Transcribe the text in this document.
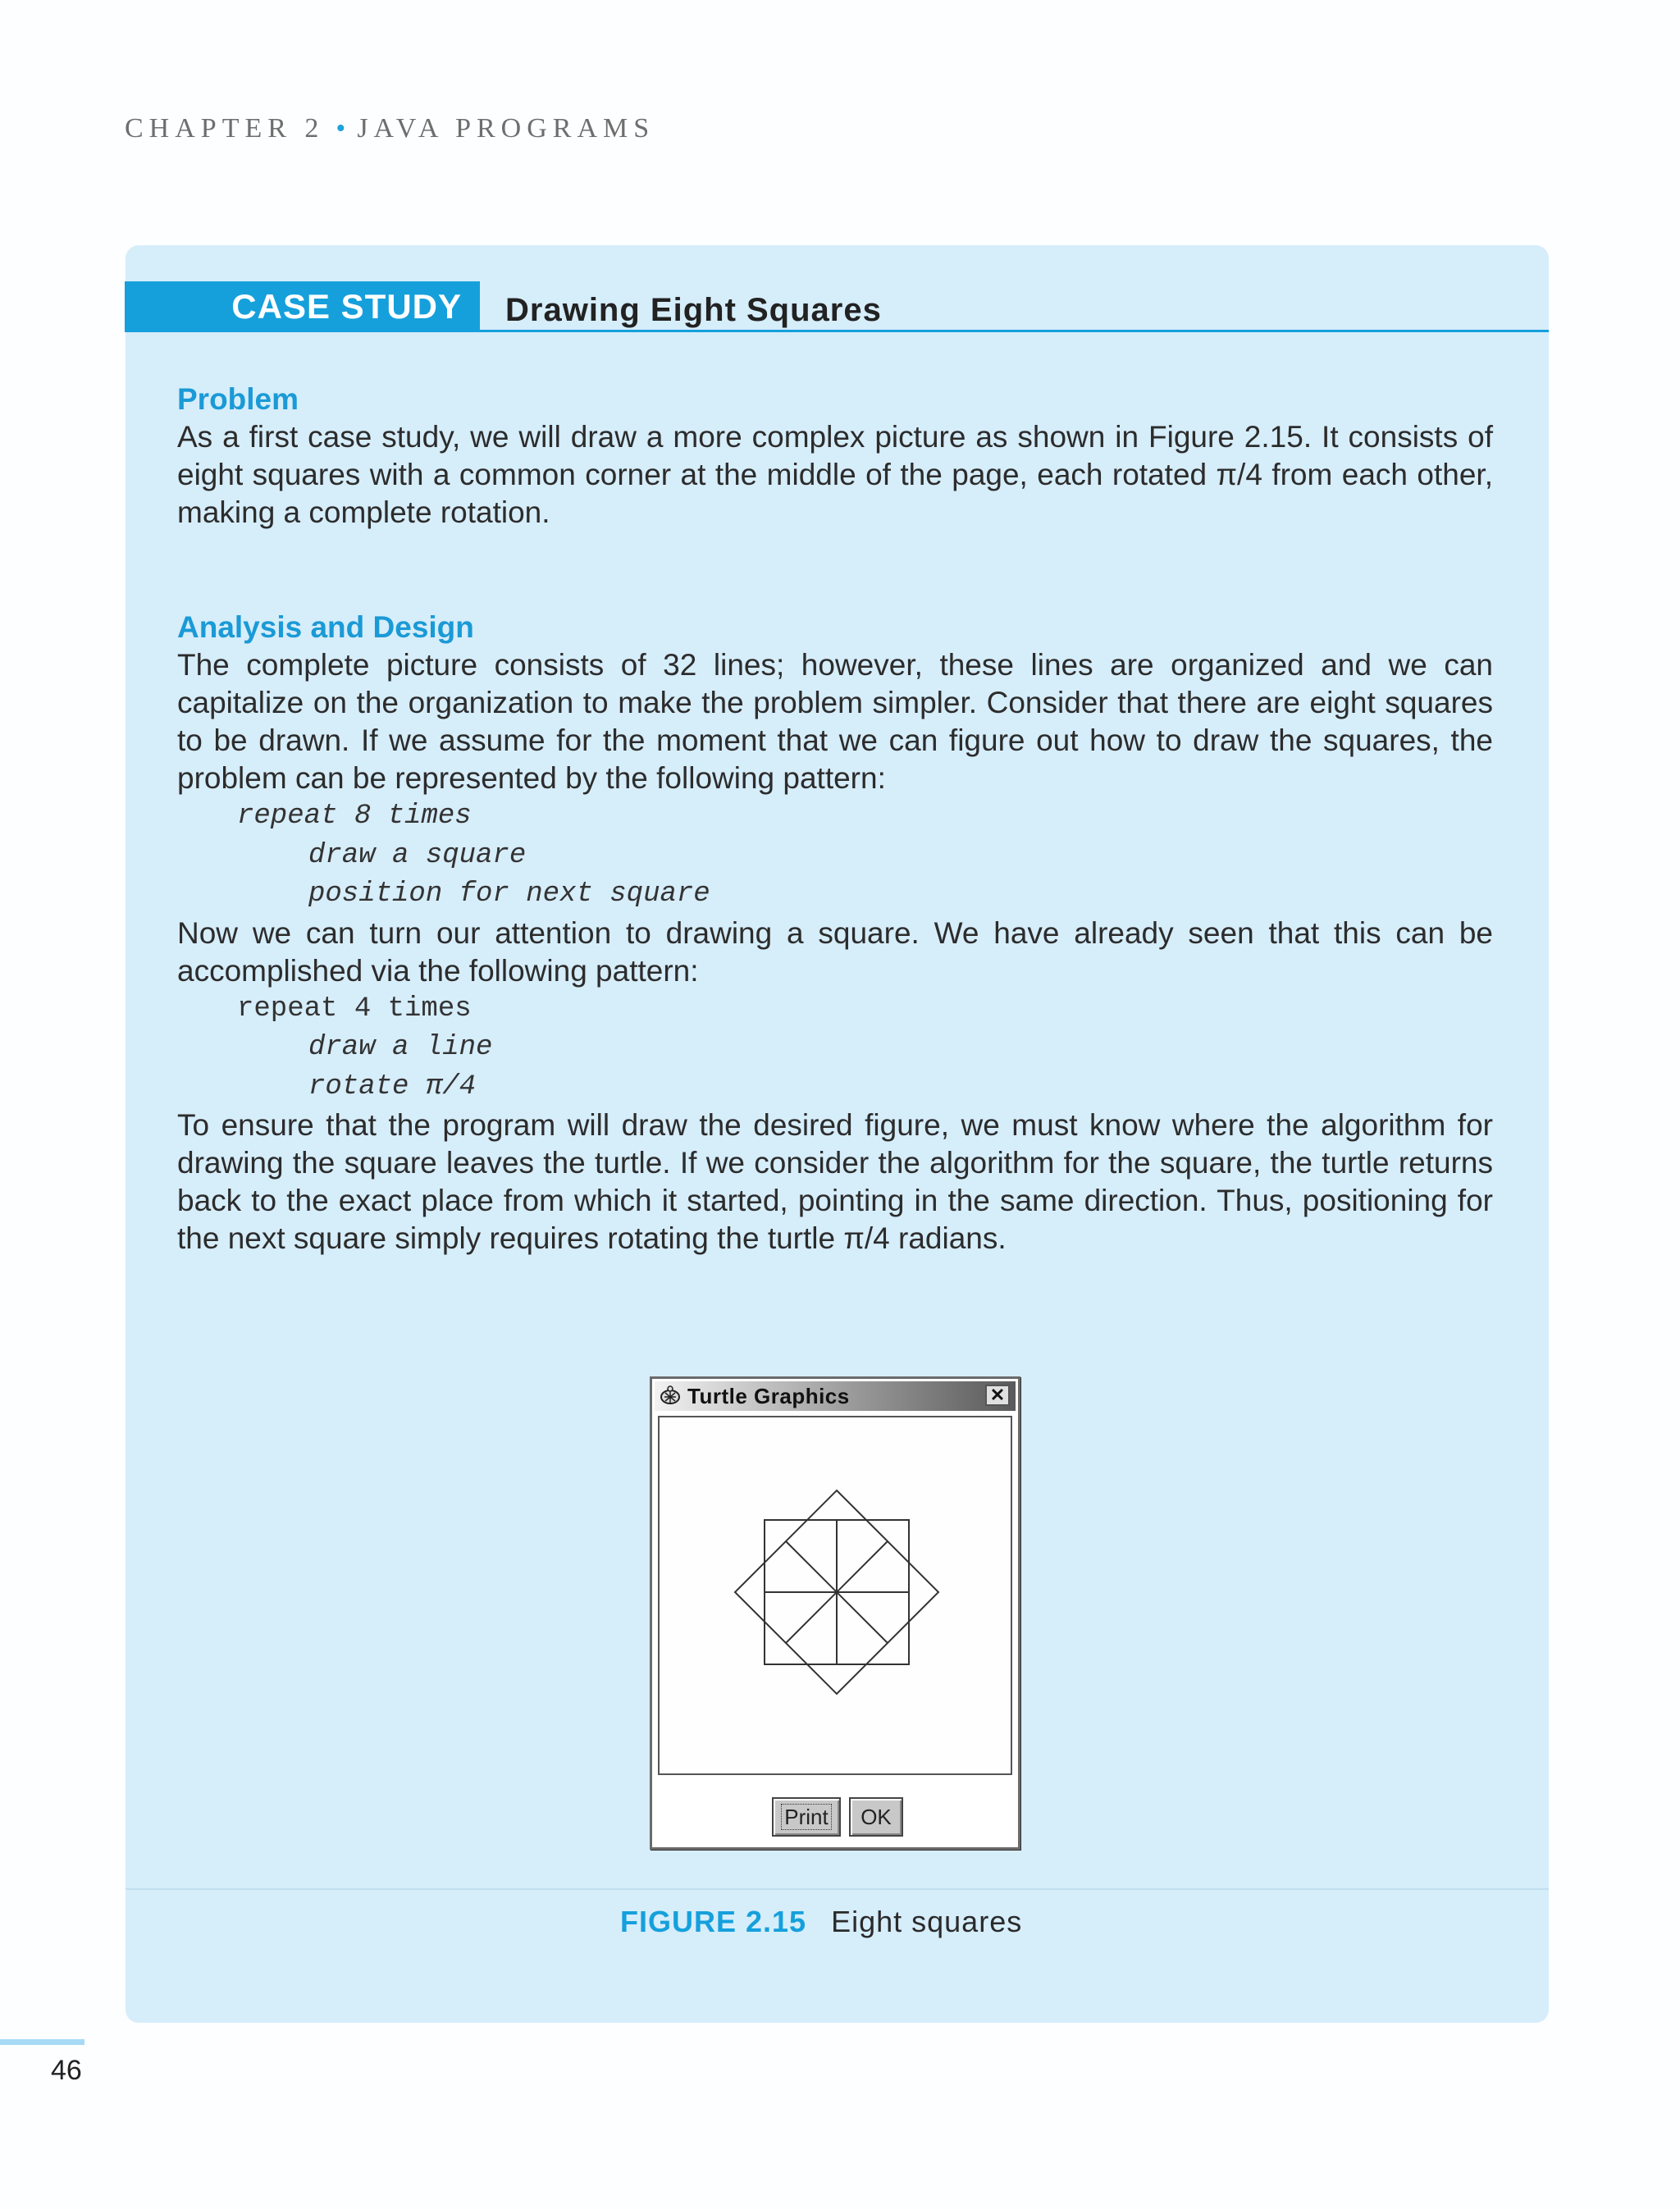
CHAPTER 2 • JAVA PROGRAMS
CASE STUDY	Drawing Eight Squares
Problem
As a first case study, we will draw a more complex picture as shown in Figure 2.15. It consists of eight squares with a common corner at the middle of the page, each rotated π/4 from each other, making a complete rotation.
Analysis and Design
The complete picture consists of 32 lines; however, these lines are organized and we can capitalize on the organization to make the problem simpler. Consider that there are eight squares to be drawn. If we assume for the moment that we can figure out how to draw the squares, the problem can be represented by the following pattern:
repeat 8 times
draw a square
position for next square
Now we can turn our attention to drawing a square. We have already seen that this can be accomplished via the following pattern:
repeat 4 times
draw a line
rotate π/4
To ensure that the program will draw the desired figure, we must know where the algorithm for drawing the square leaves the turtle. If we consider the algorithm for the square, the turtle returns back to the exact place from which it started, pointing in the same direction. Thus, positioning for the next square simply requires rotating the turtle π/4 radians.
Turtle Graphics	✕
Print	OK
FIGURE 2.15 Eight squares
46
